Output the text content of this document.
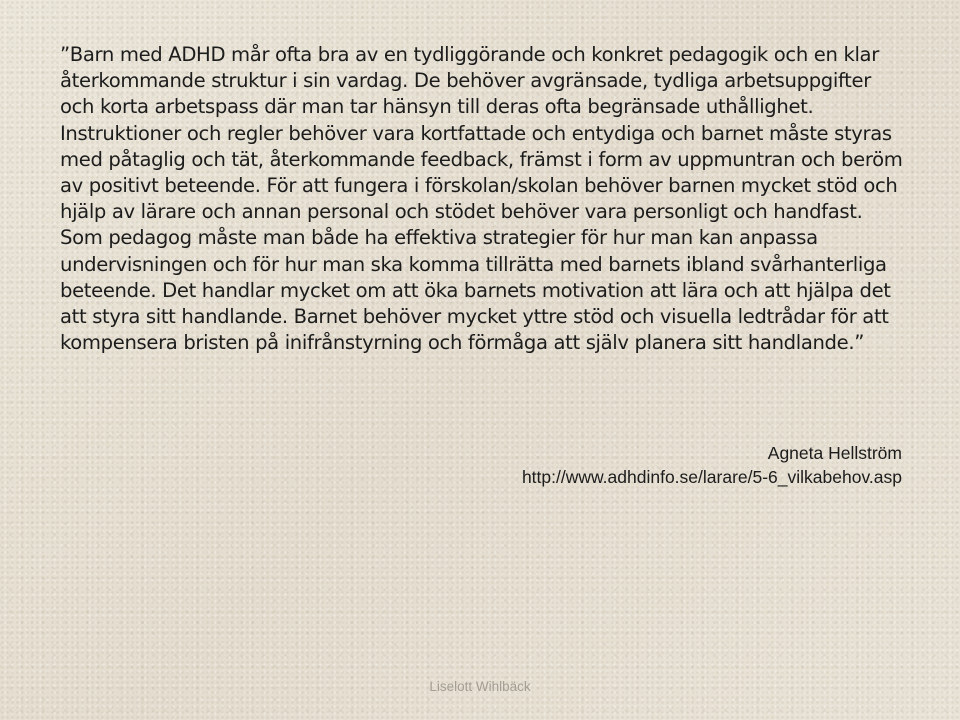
”Barn med ADHD mår ofta bra av en tydliggörande och konkret pedagogik och en klar återkommande struktur i sin vardag. De behöver avgränsade, tydliga arbetsuppgifter och korta arbetspass där man tar hänsyn till deras ofta begränsade uthållighet. Instruktioner och regler behöver vara kortfattade och entydiga och barnet måste styras med påtaglig och tät, återkommande feedback, främst i form av uppmuntran och beröm av positivt beteende. För att fungera i förskolan/skolan behöver barnen mycket stöd och hjälp av lärare och annan personal och stödet behöver vara personligt och handfast. Som pedagog måste man både ha effektiva strategier för hur man kan anpassa undervisningen och för hur man ska komma tillrätta med barnets ibland svårhanterliga beteende. Det handlar mycket om att öka barnets motivation att lära och att hjälpa det att styra sitt handlande. Barnet behöver mycket yttre stöd och visuella ledtrådar för att kompensera bristen på inifrånstyrning och förmåga att själv planera sitt handlande.”

Agneta Hellström
http://www.adhdinfo.se/larare/5-6_vilkabehov.asp
Liselott Wihlbäck
